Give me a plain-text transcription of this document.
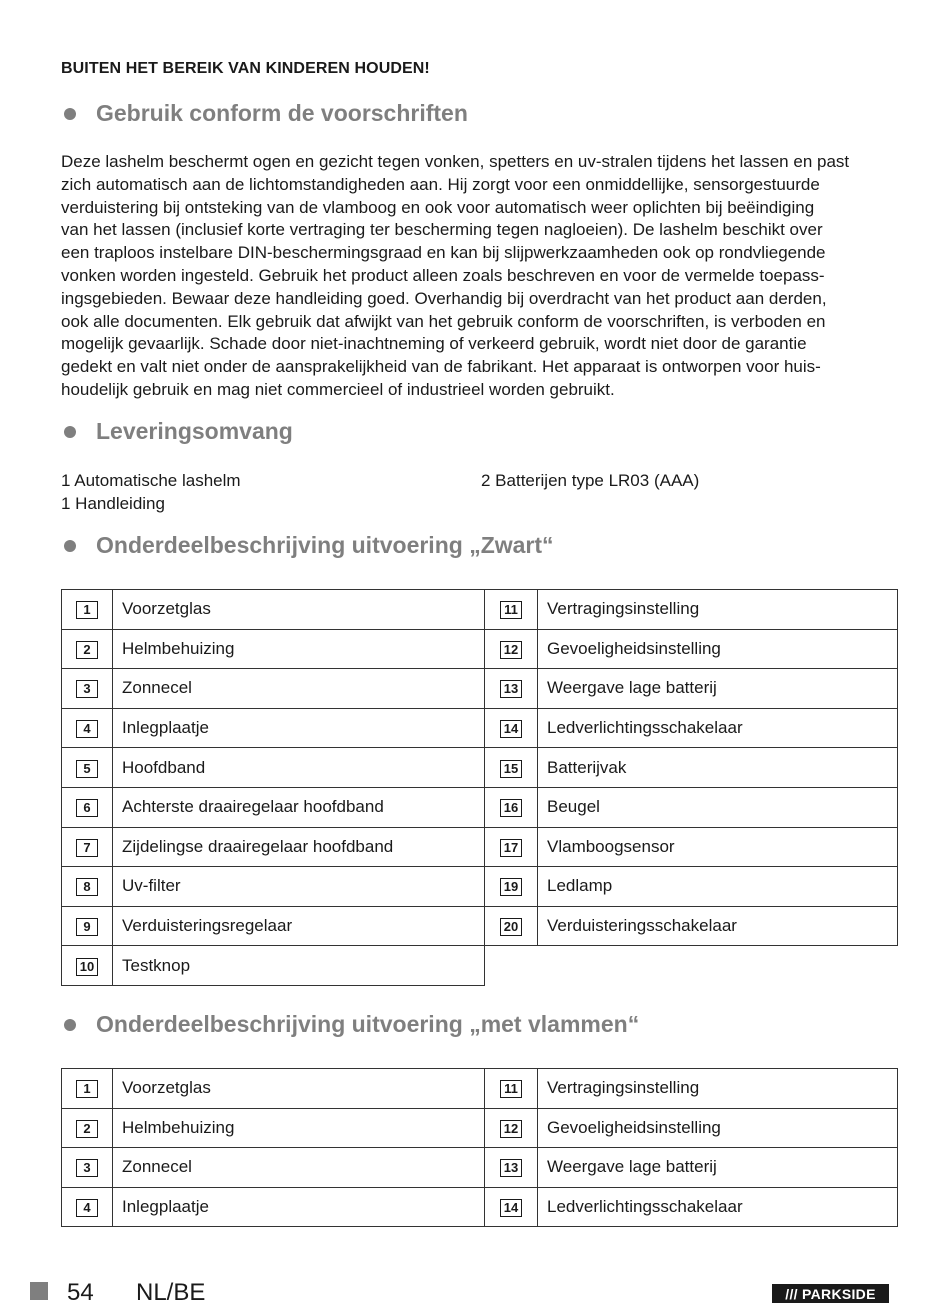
BUITEN HET BEREIK VAN KINDEREN HOUDEN!
Gebruik conform de voorschriften

Deze lashelm beschermt ogen en gezicht tegen vonken, spetters en uv-stralen tijdens het lassen en past
zich automatisch aan de lichtomstandigheden aan. Hij zorgt voor een onmiddellijke, sensorgestuurde
verduistering bij ontsteking van de vlamboog en ook voor automatisch weer oplichten bij beëindiging
van het lassen (inclusief korte vertraging ter bescherming tegen nagloeien). De lashelm beschikt over
een traploos instelbare DIN-beschermingsgraad en kan bij slijpwerkzaamheden ook op rondvliegende
vonken worden ingesteld. Gebruik het product alleen zoals beschreven en voor de vermelde toepass-
ingsgebieden. Bewaar deze handleiding goed. Overhandig bij overdracht van het product aan derden,
ook alle documenten. Elk gebruik dat afwijkt van het gebruik conform de voorschriften, is verboden en
mogelijk gevaarlijk. Schade door niet-inachtneming of verkeerd gebruik, wordt niet door de garantie
gedekt en valt niet onder de aansprakelijkheid van de fabrikant. Het apparaat is ontworpen voor huis-
houdelijk gebruik en mag niet commercieel of industrieel worden gebruikt.

Leveringsomvang
1 Automatische lashelm	2 Batterijen type LR03 (AAA)
1 Handleiding
Onderdeelbeschrijving uitvoering „Zwart“
1	Voorzetglas	11	Vertragingsinstelling
2	Helmbehuizing	12	Gevoeligheidsinstelling
3	Zonnecel	13	Weergave lage batterij
4	Inlegplaatje	14	Ledverlichtingsschakelaar
5	Hoofdband	15	Batterijvak
6	Achterste draairegelaar hoofdband	16	Beugel
7	Zijdelingse draairegelaar hoofdband	17	Vlamboogsensor
8	Uv-filter	19	Ledlamp
9	Verduisteringsregelaar	20	Verduisteringsschakelaar
10	Testknop		
Onderdeelbeschrijving uitvoering „met vlammen“
1	Voorzetglas	11	Vertragingsinstelling
2	Helmbehuizing	12	Gevoeligheidsinstelling
3	Zonnecel	13	Weergave lage batterij
4	Inlegplaatje	14	Ledverlichtingsschakelaar
54 NL/BE	/// PARKSIDE
